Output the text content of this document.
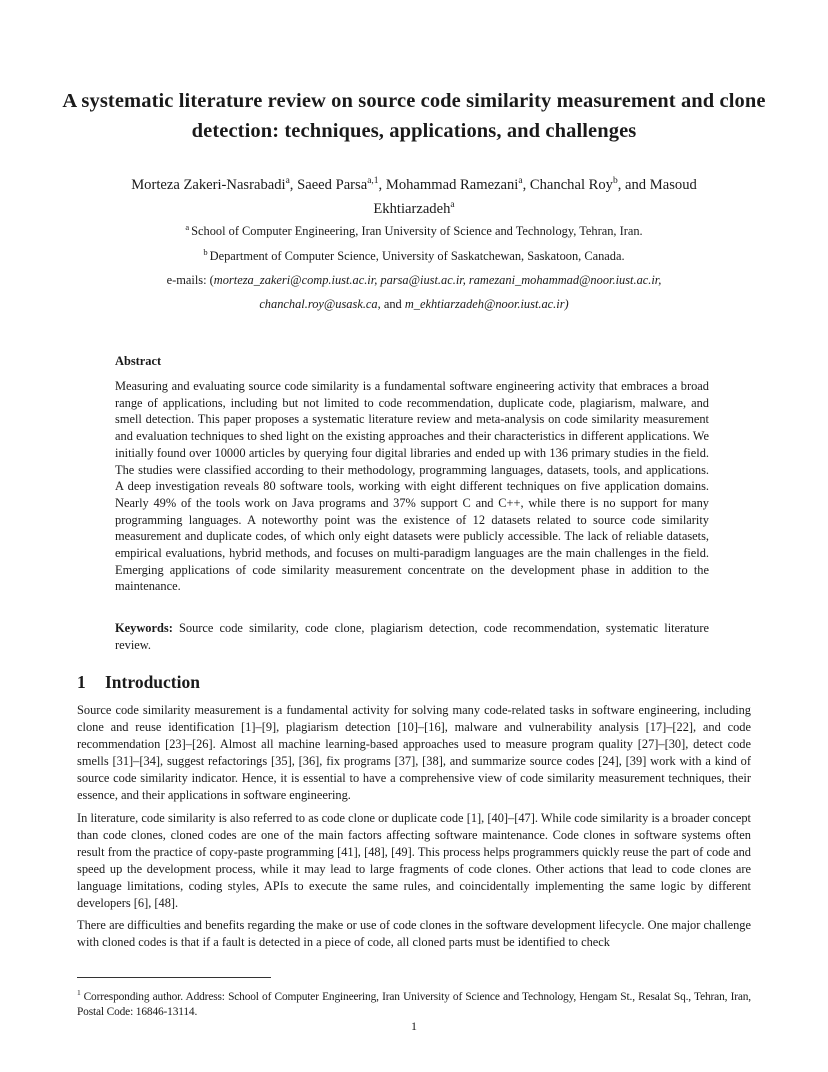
A systematic literature review on source code similarity measurement and clone detection: techniques, applications, and challenges
Morteza Zakeri-Nasrabadi$^a$, Saeed Parsa$^{a,1}$, Mohammad Ramezani$^a$, Chanchal Roy$^b$, and Masoud Ekhtiarzadeh$^a$
$^a$ School of Computer Engineering, Iran University of Science and Technology, Tehran, Iran.
$^b$ Department of Computer Science, University of Saskatchewan, Saskatoon, Canada.
e-mails: (morteza_zakeri@comp.iust.ac.ir, parsa@iust.ac.ir, ramezani_mohammad@noor.iust.ac.ir,
chanchal.roy@usask.ca, and m_ekhtiarzadeh@noor.iust.ac.ir)
Abstract
Measuring and evaluating source code similarity is a fundamental software engineering activity that embraces a broad range of applications, including but not limited to code recommendation, duplicate code, plagiarism, malware, and smell detection. This paper proposes a systematic literature review and meta-analysis on code similarity measurement and evaluation techniques to shed light on the existing approaches and their characteristics in different applications. We initially found over 10000 articles by querying four digital libraries and ended up with 136 primary studies in the field. The studies were classified according to their methodology, programming languages, datasets, tools, and applications. A deep investigation reveals 80 software tools, working with eight different techniques on five application domains. Nearly 49% of the tools work on Java programs and 37% support C and C++, while there is no support for many programming languages. A noteworthy point was the existence of 12 datasets related to source code similarity measurement and duplicate codes, of which only eight datasets were publicly accessible. The lack of reliable datasets, empirical evaluations, hybrid methods, and focuses on multi-paradigm languages are the main challenges in the field. Emerging applications of code similarity measurement concentrate on the development phase in addition to the maintenance.
Keywords: Source code similarity, code clone, plagiarism detection, code recommendation, systematic literature review.
1 Introduction
Source code similarity measurement is a fundamental activity for solving many code-related tasks in software engineering, including clone and reuse identification [1]–[9], plagiarism detection [10]–[16], malware and vulnerability analysis [17]–[22], and code recommendation [23]–[26]. Almost all machine learning-based approaches used to measure program quality [27]–[30], detect code smells [31]–[34], suggest refactorings [35], [36], fix programs [37], [38], and summarize source codes [24], [39] work with a kind of source code similarity indicator. Hence, it is essential to have a comprehensive view of code similarity measurement techniques, their essence, and their applications in software engineering.
In literature, code similarity is also referred to as code clone or duplicate code [1], [40]–[47]. While code similarity is a broader concept than code clones, cloned codes are one of the main factors affecting software maintenance. Code clones in software systems often result from the practice of copy-paste programming [41], [48], [49]. This process helps programmers quickly reuse the part of code and speed up the development process, while it may lead to large fragments of code clones. Other actions that lead to code clones are language limitations, coding styles, APIs to execute the same rules, and coincidentally implementing the same logic by different developers [6], [48].
There are difficulties and benefits regarding the make or use of code clones in the software development lifecycle. One major challenge with cloned codes is that if a fault is detected in a piece of code, all cloned parts must be identified to check
$^1$ Corresponding author. Address: School of Computer Engineering, Iran University of Science and Technology, Hengam St., Resalat Sq., Tehran, Iran, Postal Code: 16846-13114.
1
